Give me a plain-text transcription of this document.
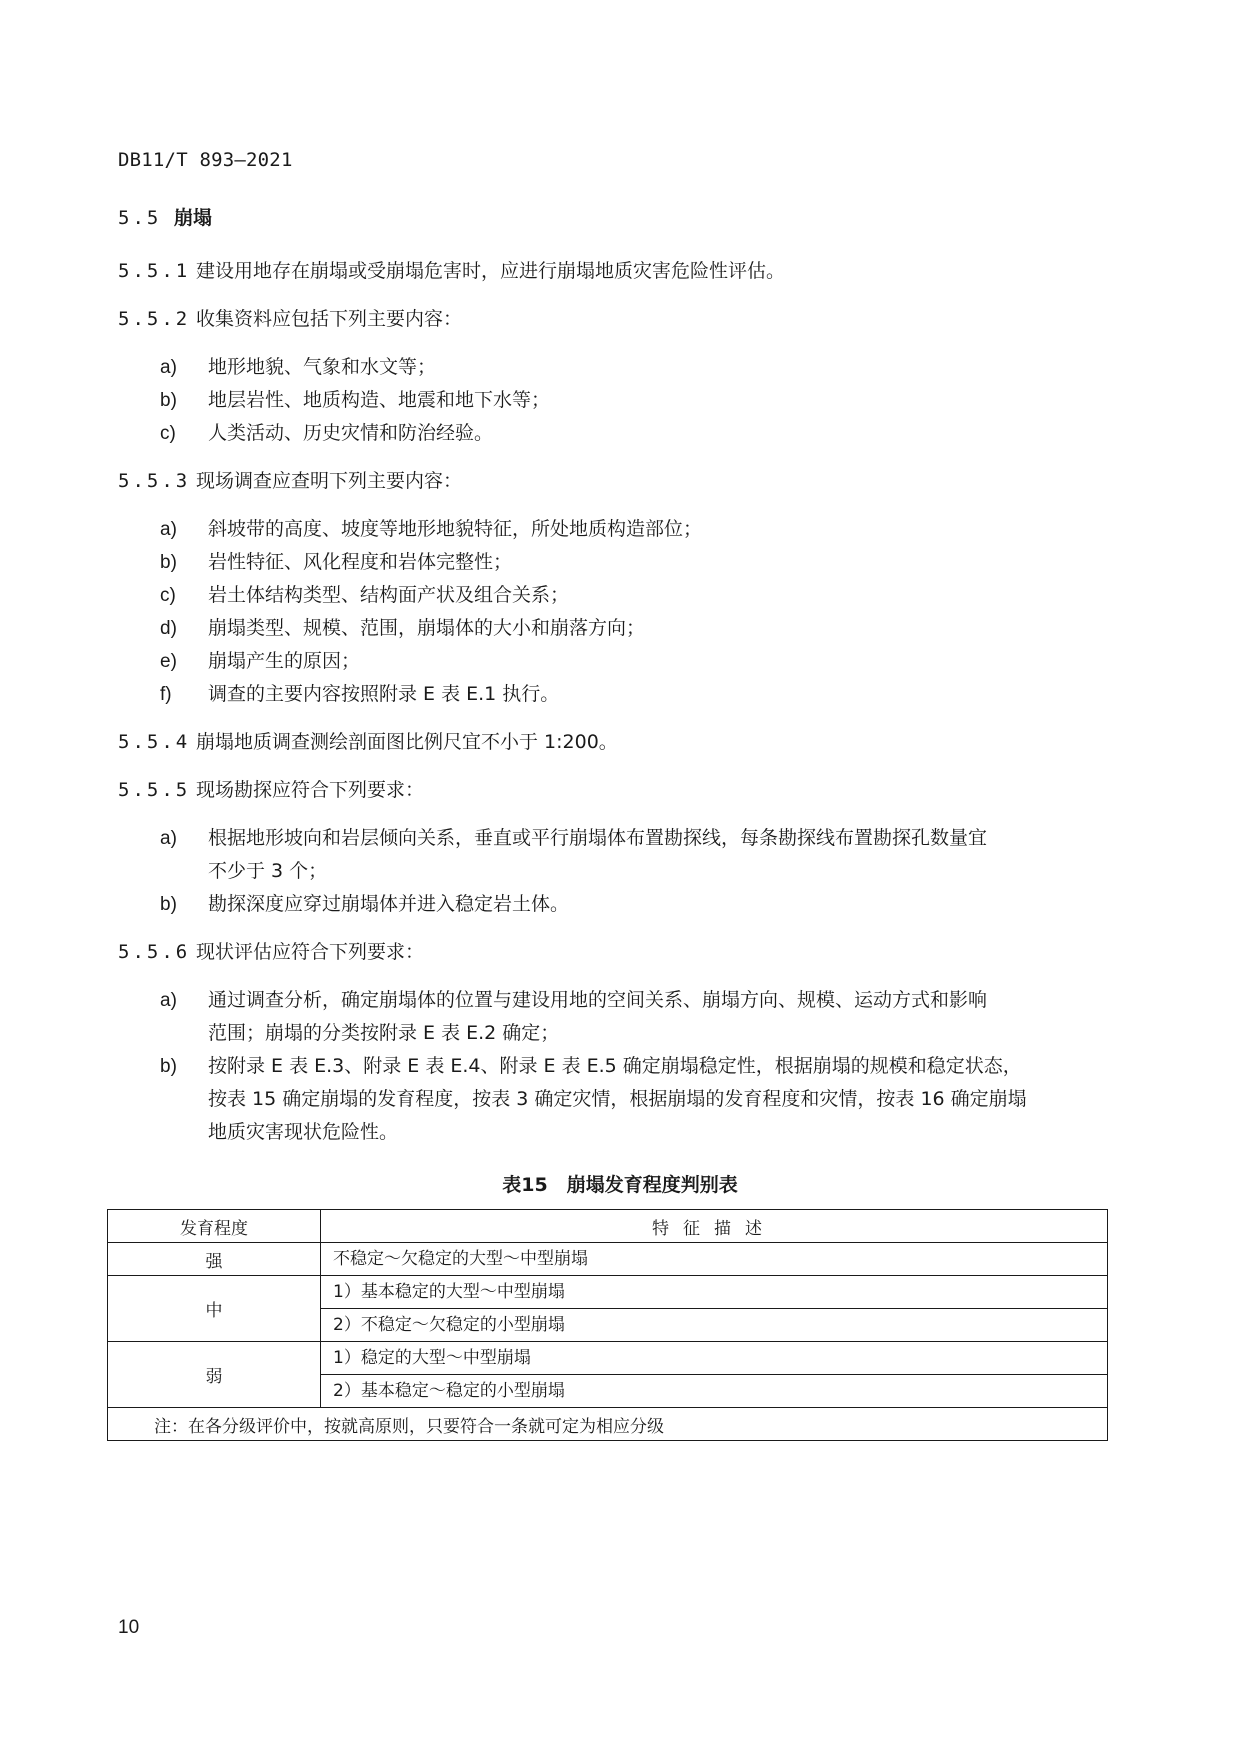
DB11/T 893—2021
5.5 崩塌
5.5.1 建设用地存在崩塌或受崩塌危害时，应进行崩塌地质灾害危险性评估。
5.5.2 收集资料应包括下列主要内容：
a) 地形地貌、气象和水文等；
b) 地层岩性、地质构造、地震和地下水等；
c) 人类活动、历史灾情和防治经验。
5.5.3 现场调查应查明下列主要内容：
a) 斜坡带的高度、坡度等地形地貌特征，所处地质构造部位；
b) 岩性特征、风化程度和岩体完整性；
c) 岩土体结构类型、结构面产状及组合关系；
d) 崩塌类型、规模、范围，崩塌体的大小和崩落方向；
e) 崩塌产生的原因；
f) 调查的主要内容按照附录 E 表 E.1 执行。
5.5.4 崩塌地质调查测绘剖面图比例尺宜不小于 1:200。
5.5.5 现场勘探应符合下列要求：
a) 根据地形坡向和岩层倾向关系，垂直或平行崩塌体布置勘探线，每条勘探线布置勘探孔数量宜
不少于 3 个；
b) 勘探深度应穿过崩塌体并进入稳定岩土体。
5.5.6 现状评估应符合下列要求：
a) 通过调查分析，确定崩塌体的位置与建设用地的空间关系、崩塌方向、规模、运动方式和影响
范围；崩塌的分类按附录 E 表 E.2 确定；
b) 按附录 E 表 E.3、附录 E 表 E.4、附录 E 表 E.5 确定崩塌稳定性，根据崩塌的规模和稳定状态，
按表 15 确定崩塌的发育程度，按表 3 确定灾情，根据崩塌的发育程度和灾情，按表 16 确定崩塌
地质灾害现状危险性。
表15　崩塌发育程度判别表
发育程度	特征描述
强	不稳定～欠稳定的大型～中型崩塌

中	1）基本稳定的大型～中型崩塌
2）不稳定～欠稳定的小型崩塌

弱	1）稳定的大型～中型崩塌
2）基本稳定～稳定的小型崩塌

注：在各分级评价中，按就高原则，只要符合一条就可定为相应分级	
10
